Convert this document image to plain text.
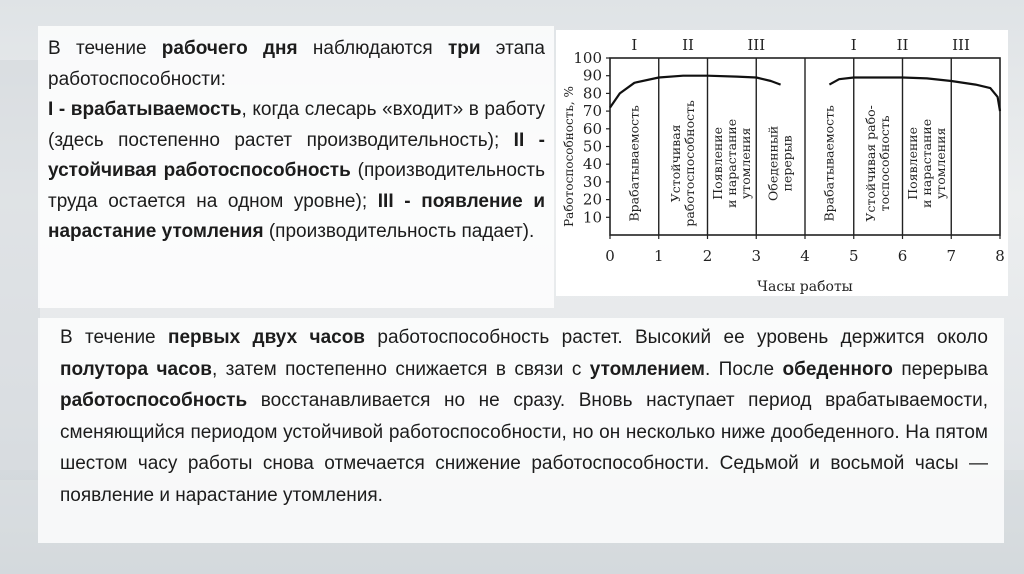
В течение рабочего дня наблюдаются три этапа работоспособности:
I - врабатываемость, когда слесарь «входит» в работу (здесь постепенно растет производительность); II - устойчивая работоспособность (производительность труда остается на одном уровне); III - появление и нарастание утомления (производительность падает).

10
20
30
40
50
60
70
80
90
100
0	1	2	3	4	5	6	7	8
Часы работы
Работоспособность, %
I	II	III	I	II	III
Врабатываемость Устойчивая работоспособность Появление и нарастание утомления Обеденный перерыв Врабатываемость Устойчивая рабо- тоспособность Появление и нарастание утомления

В течение первых двух часов работоспособность растет. Высокий ее уровень держится около полутора часов, затем постепенно снижается в связи с утомлением. После обеденного перерыва работоспособность восстанавливается но не сразу. Вновь наступает период врабатываемости, сменяющийся периодом устойчивой работоспособности, но он несколько ниже дообеденного. На пятом шестом часу работы снова отмечается снижение работоспособности. Седьмой и восьмой часы — появление и нарастание утомления.
